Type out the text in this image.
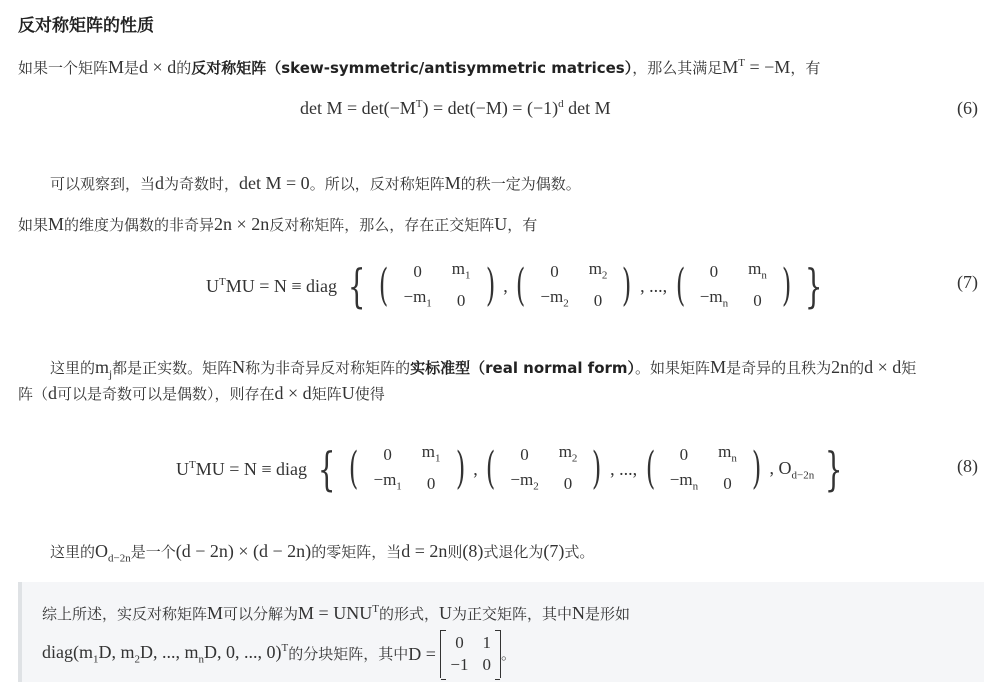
反对称矩阵的性质
如果一个矩阵M是d × d的反对称矩阵（skew-symmetric/antisymmetric matrices），那么其满足$M^T = -M$，有
$\det M = \det(-M^T) = \det(-M) = (-1)^d$ det M	(6)
可以观察到，当d为奇数时，det M = 0。所以，反对称矩阵M的秩一定为偶数。
如果M的维度为偶数的非奇异2n × 2n反对称矩阵，那么，存在正交矩阵U，有
$U^TMU = N$ ≡ diag { ( 0	$m_1$
$-m_1$	0 ) , ( 0	$m_2$
$-m_2$	0 ) , ..., ( 0	$m_n$
$-m_n$	0 ) }	(7)
这里的$m_j$都是正实数。矩阵N称为非奇异反对称矩阵的实标准型（real normal form）。如果矩阵M是奇异的且秩为2n的d × d矩
阵（d可以是奇数可以是偶数），则存在d × d矩阵U使得
$U^TMU = N$ ≡ diag { ( 0	$m_1$
$-m_1$	0 ) , ( 0	$m_2$
$-m_2$	0 ) , ..., ( 0	$m_n$
$-m_n$	0 ) , $O_{d-2n}$ }	(8)
这里的$O_{d-2n}$是一个(d − 2n) × (d − 2n)的零矩阵，当d = 2n则(8)式退化为(7)式。
综上所述，实反对称矩阵M可以分解为$M = UNU^T$的形式，U为正交矩阵，其中N是形如
$diag(m_1D$, $m_2D$, ..., $m_nD$, 0, ..., 0)$^T$的分块矩阵，其中D =
0	1
−1	0
。
